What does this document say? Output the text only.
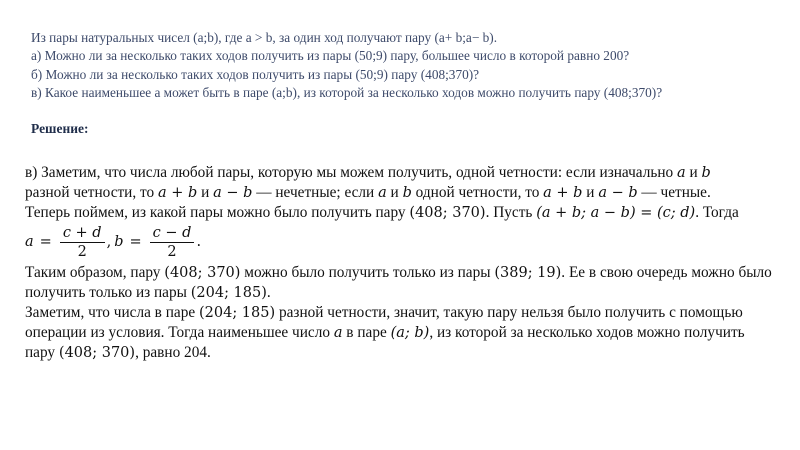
Из пары натуральных чисел (a;b), где a > b, за один ход получают пару (a+ b;a− b).
а) Можно ли за несколько таких ходов получить из пары (50;9) пару, большее число в которой равно 200?
б) Можно ли за несколько таких ходов получить из пары (50;9) пару (408;370)?
в) Какое наименьшее a может быть в паре (a;b), из которой за несколько ходов можно получить пару (408;370)?
Решение:
в) Заметим, что числа любой пары, которую мы можем получить, одной четности: если изначально a и b
разной четности, то a + b и a − b — нечетные; если a и b одной четности, то a + b и a − b — четные.
Теперь поймем, из какой пары можно было получить пару (408; 370). Пусть (a + b; a − b) = (c; d). Тогда
$a = \frac{c + d}{2}$ , $b = \frac{c - d}{2}$ .
Таким образом, пару (408; 370) можно было получить только из пары (389; 19). Ее в свою очередь можно было
получить только из пары (204; 185).
Заметим, что числа в паре (204; 185) разной четности, значит, такую пару нельзя было получить с помощью
операции из условия. Тогда наименьшее число a в паре (a; b), из которой за несколько ходов можно получить
пару (408; 370), равно 204.
